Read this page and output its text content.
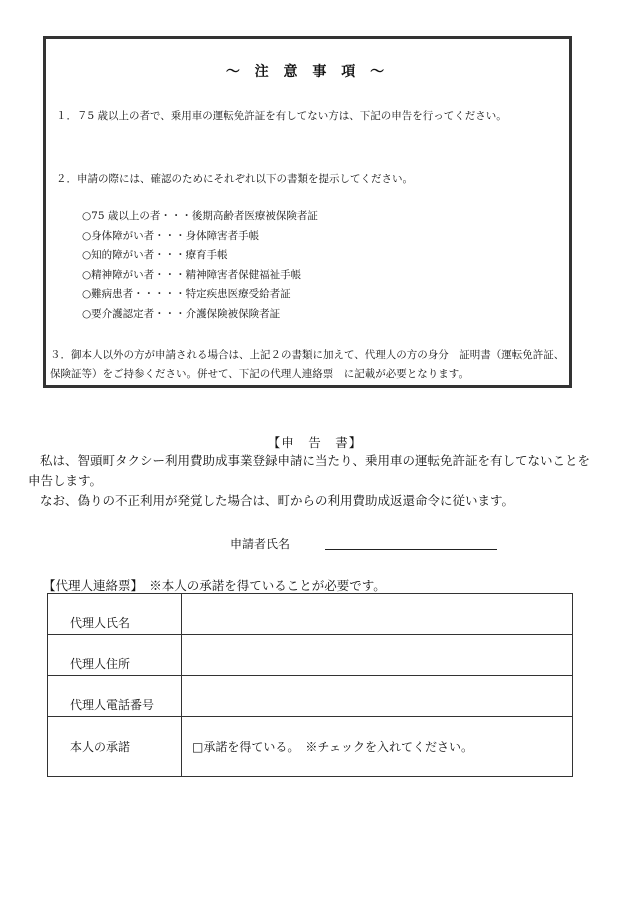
～ 注 意 事 項 ～
１．７5 歳以上の者で、乗用車の運転免許証を有してない方は、下記の申告を行ってください。
２．申請の際には、確認のためにそれぞれ以下の書類を提示してください。
○75 歳以上の者・・・後期高齢者医療被保険者証
○身体障がい者・・・身体障害者手帳
○知的障がい者・・・療育手帳
○精神障がい者・・・精神障害者保健福祉手帳
○難病患者・・・・・特定疾患医療受給者証
○要介護認定者・・・介護保険被保険者証
３．御本人以外の方が申請される場合は、上記２の書類に加えて、代理人の方の身分　証明書（運転免許証、保険証等）をご持参ください。併せて、下記の代理人連絡票　に記載が必要となります。
【申　告　書】

私は、智頭町タクシー利用費助成事業登録申請に当たり、乗用車の運転免許証を有してないことを申告します。

なお、偽りの不正利用が発覚した場合は、町からの利用費助成返還命令に従います。

申請者氏名
【代理人連絡票】　※本人の承諾を得ていることが必要です。
代理人氏名	
代理人住所	
代理人電話番号	
本人の承諾	□承諾を得ている。　※チェックを入れてください。
